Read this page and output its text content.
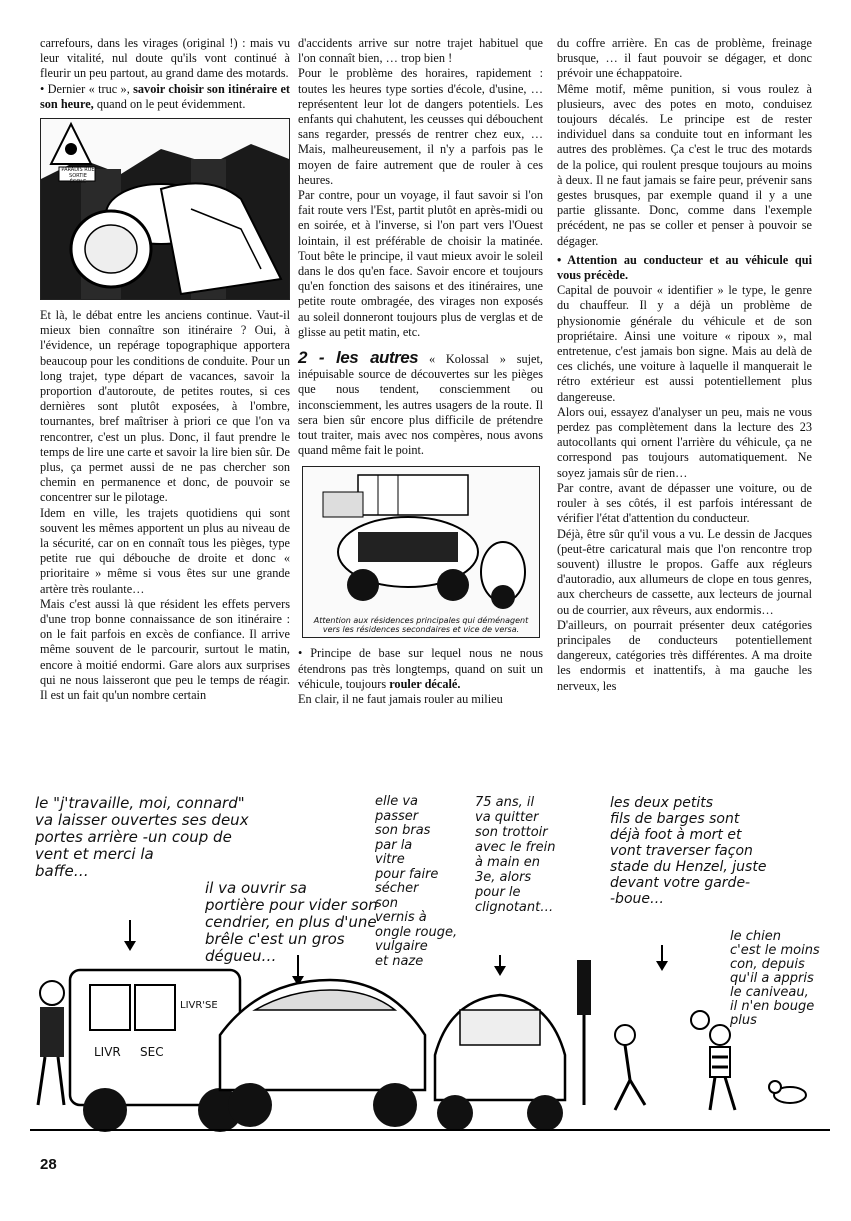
carrefours, dans les virages (original !) : mais vu leur vitalité, nul doute qu'ils vont continué à fleurir un peu partout, au grand dame des motards.

• Dernier « truc », savoir choisir son itinéraire et son heure, quand on le peut évidemment.

PARADIS RUE
SORTIE ÉCOLE

Et là, le débat entre les anciens continue. Vaut-il mieux bien connaître son itinéraire ? Oui, à l'évidence, un repérage topographique apportera beaucoup pour les conditions de conduite. Pour un long trajet, type départ de vacances, savoir la proportion d'autoroute, de petites routes, si ces dernières sont plutôt exposées, à l'ombre, tournantes, bref maîtriser à priori ce que l'on va rencontrer, c'est un plus. Donc, il faut prendre le temps de lire une carte et savoir la lire bien sûr. De plus, ça permet aussi de ne pas chercher son chemin en permanence et donc, de pouvoir se concentrer sur le pilotage.

Idem en ville, les trajets quotidiens qui sont souvent les mêmes apportent un plus au niveau de la sécurité, car on en connaît tous les pièges, type petite rue qui débouche de droite et donc « prioritaire » même si vous êtes sur une grande artère très roulante…

Mais c'est aussi là que résident les effets pervers d'une trop bonne connaissance de son itinéraire : on le fait parfois en excès de confiance. Il arrive même souvent de le parcourir, surtout le matin, encore à moitié endormi. Gare alors aux surprises qui ne nous laisseront que peu le temps de réagir. Il est un fait qu'un nombre certain

d'accidents arrive sur notre trajet habituel que l'on connaît bien, … trop bien !

Pour le problème des horaires, rapidement : toutes les heures type sorties d'école, d'usine, … représentent leur lot de dangers potentiels. Les enfants qui chahutent, les ceusses qui débouchent sans regarder, pressés de rentrer chez eux, … Mais, malheureusement, il n'y a parfois pas le moyen de faire autrement que de rouler à ces heures.

Par contre, pour un voyage, il faut savoir si l'on fait route vers l'Est, partit plutôt en après-midi ou en soirée, et à l'inverse, si l'on part vers l'Ouest lointain, il est préférable de choisir la matinée. Tout bête le principe, il vaut mieux avoir le soleil dans le dos qu'en face. Savoir encore et toujours qu'en fonction des saisons et des itinéraires, une petite route ombragée, des virages non exposés au soleil donneront toujours plus de verglas et de glisse au petit matin, etc.

2 - les autres « Kolossal » sujet, inépuisable source de découvertes sur les pièges que nous tendent, consciemment ou inconsciemment, les autres usagers de la route. Il sera bien sûr encore plus difficile de prétendre tout traiter, mais avec nos compères, nous avons quand même fait le point.

Attention aux résidences principales qui déménagent vers les résidences secondaires et vice de versa.

• Principe de base sur lequel nous ne nous étendrons pas très longtemps, quand on suit un véhicule, toujours rouler décalé.

En clair, il ne faut jamais rouler au milieu

du coffre arrière. En cas de problème, freinage brusque, … il faut pouvoir se dégager, et donc prévoir une échappatoire.

Même motif, même punition, si vous roulez à plusieurs, avec des potes en moto, conduisez toujours décalés. Le principe est de rester individuel dans sa conduite tout en informant les autres des problèmes. Ça c'est le truc des motards de la police, qui roulent presque toujours au moins à deux. Il ne faut jamais se faire peur, prévenir sans gestes brusques, par exemple quand il y a une partie glissante. Donc, comme dans l'exemple précédent, ne pas se coller et penser à pouvoir se dégager.

• Attention au conducteur et au véhicule qui vous précède.

Capital de pouvoir « identifier » le type, le genre du chauffeur. Il y a déjà un problème de physionomie générale du véhicule et de son propriétaire. Ainsi une voiture « ripoux », mal entretenue, c'est jamais bon signe. Mais au delà de ces clichés, une voiture à laquelle il manquerait le rétro extérieur est aussi potentiellement plus dangereuse.

Alors oui, essayez d'analyser un peu, mais ne vous perdez pas complètement dans la lecture des 23 autocollants qui ornent l'arrière du véhicule, ça ne correspond pas toujours automatiquement. Ne soyez jamais sûr de rien…

Par contre, avant de dépasser une voiture, ou de rouler à ses côtés, il est parfois intéressant de vérifier l'état d'attention du conducteur.

Déjà, être sûr qu'il vous a vu. Le dessin de Jacques (peut-être caricatural mais que l'on rencontre trop souvent) illustre le propos. Gaffe aux régleurs d'autoradio, aux allumeurs de clope en tous genres, aux chercheurs de cassette, aux lecteurs de journal ou de courrier, aux rêveurs, aux endormis…

D'ailleurs, on pourrait présenter deux catégories principales de conducteurs potentiellement dangereux, catégories très différentes. A ma droite les endormis et inattentifs, à ma gauche les nerveux, les

le "j'travaille, moi, connard"
va laisser ouvertes ses deux
portes arrière -un coup de
vent et merci la
baffe…
il va ouvrir sa
portière pour vider son
cendrier, en plus d'une
brêle c'est un gros
dégueu…
elle va
passer
son bras
par la
vitre
pour faire
sécher
son
vernis à
ongle rouge,
vulgaire
et naze
75 ans, il
va quitter
son trottoir
avec le frein
à main en
3e, alors
pour le
clignotant…
les deux petits
fils de barges sont
déjà foot à mort et
vont traverser façon
stade du Henzel, juste
devant votre garde-
-boue…
le chien
c'est le moins
con, depuis
qu'il a appris
le caniveau,
il n'en bouge
plus
LIVR SEC
LIVR'SE
28
